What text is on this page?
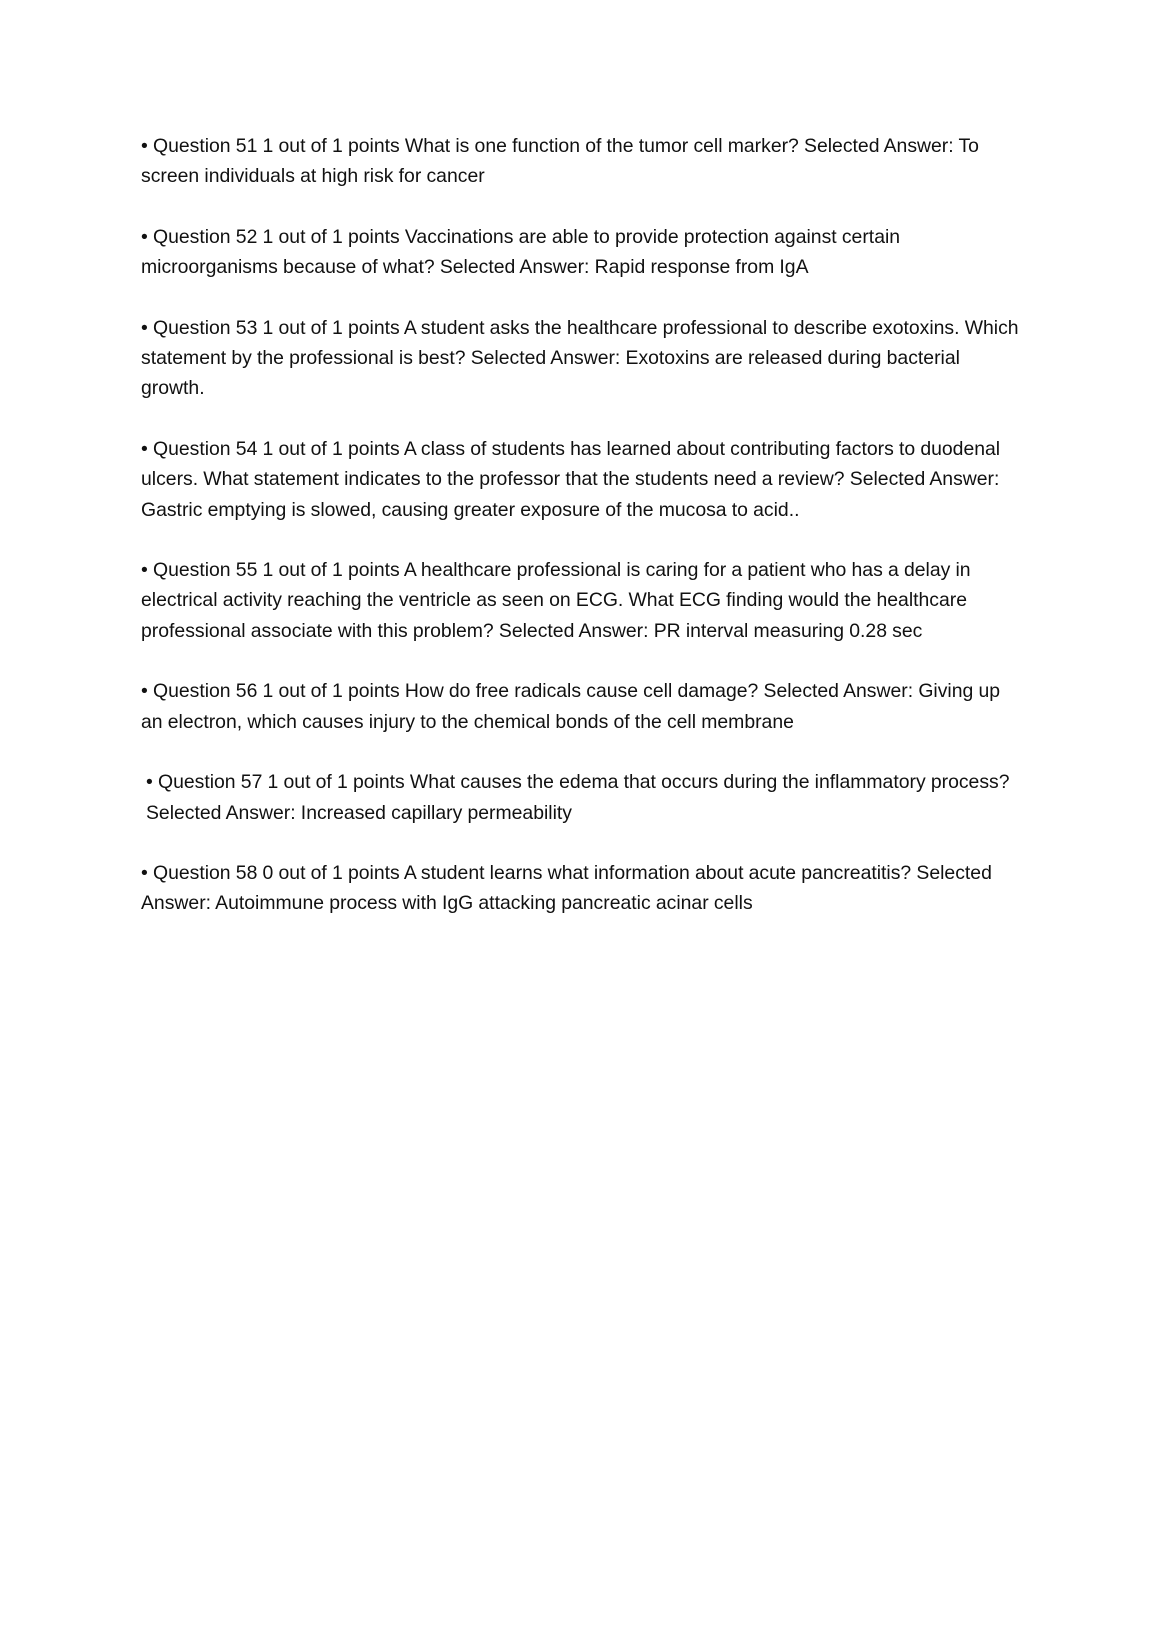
• Question 51 1 out of 1 points What is one function of the tumor cell marker? Selected Answer: To screen individuals at high risk for cancer

• Question 52 1 out of 1 points Vaccinations are able to provide protection against certain microorganisms because of what? Selected Answer: Rapid response from IgA

• Question 53 1 out of 1 points A student asks the healthcare professional to describe exotoxins. Which statement by the professional is best? Selected Answer: Exotoxins are released during bacterial growth.

• Question 54 1 out of 1 points A class of students has learned about contributing factors to duodenal ulcers. What statement indicates to the professor that the students need a review? Selected Answer: Gastric emptying is slowed, causing greater exposure of the mucosa to acid..

• Question 55 1 out of 1 points A healthcare professional is caring for a patient who has a delay in electrical activity reaching the ventricle as seen on ECG. What ECG finding would the healthcare professional associate with this problem? Selected Answer: PR interval measuring 0.28 sec

• Question 56 1 out of 1 points How do free radicals cause cell damage? Selected Answer: Giving up an electron, which causes injury to the chemical bonds of the cell membrane

• Question 57 1 out of 1 points What causes the edema that occurs during the inflammatory process? Selected Answer: Increased capillary permeability

• Question 58 0 out of 1 points A student learns what information about acute pancreatitis? Selected Answer: Autoimmune process with IgG attacking pancreatic acinar cells
